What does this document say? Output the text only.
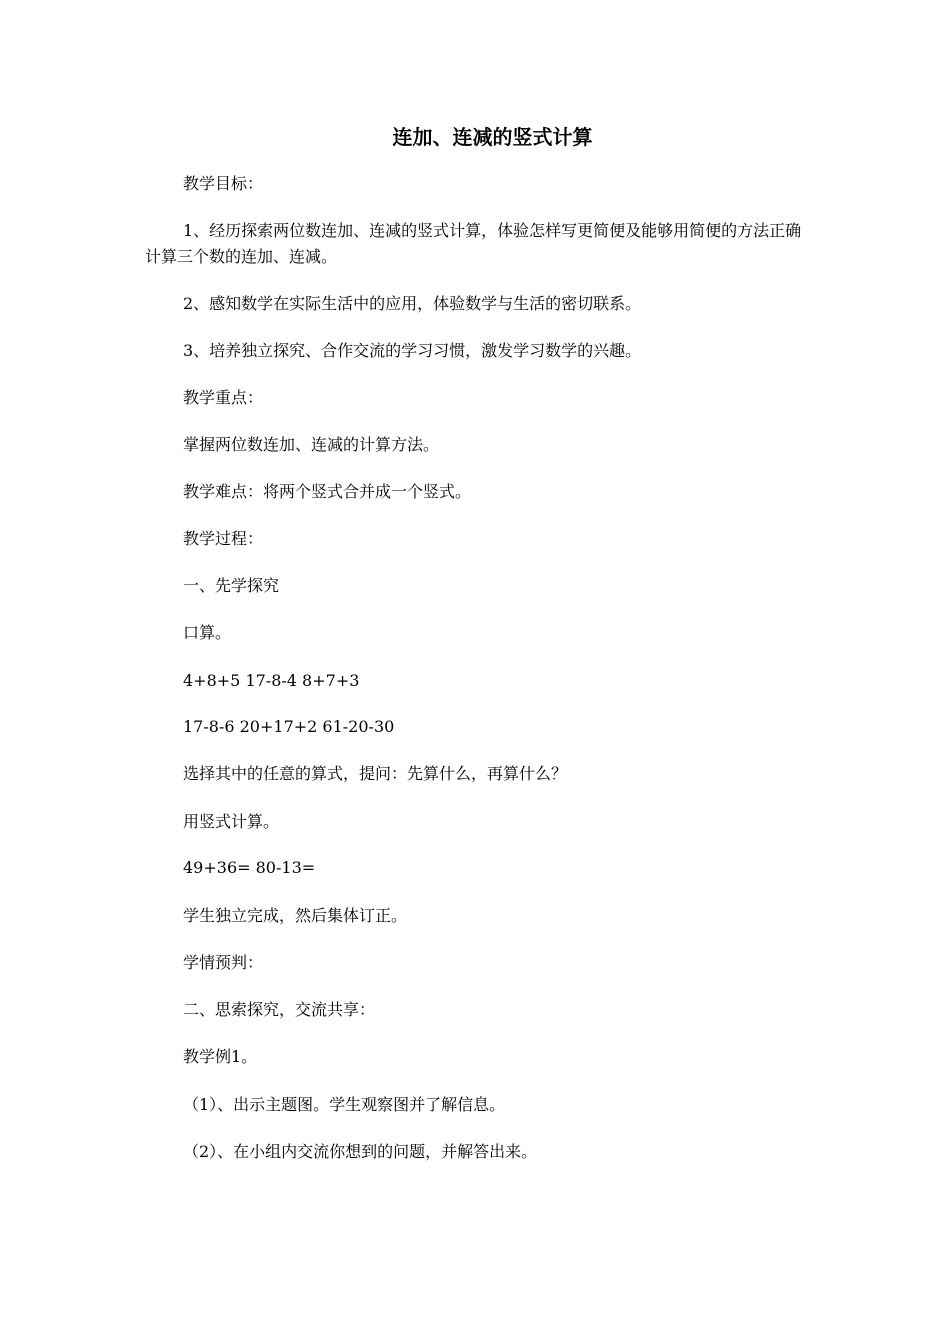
连加、连减的竖式计算
教学目标：
1、经历探索两位数连加、连减的竖式计算，体验怎样写更简便及能够用简便的方法正确计算三个数的连加、连减。
2、感知数学在实际生活中的应用，体验数学与生活的密切联系。
3、培养独立探究、合作交流的学习习惯，激发学习数学的兴趣。
教学重点：
掌握两位数连加、连减的计算方法。
教学难点：将两个竖式合并成一个竖式。
教学过程：
一、先学探究
口算。
4+8+5 17-8-4 8+7+3
17-8-6 20+17+2 61-20-30
选择其中的任意的算式，提问：先算什么，再算什么？
用竖式计算。
49+36= 80-13=
学生独立完成，然后集体订正。
学情预判：
二、思索探究，交流共享：
教学例1。
（1）、出示主题图。学生观察图并了解信息。
（2）、在小组内交流你想到的问题，并解答出来。
